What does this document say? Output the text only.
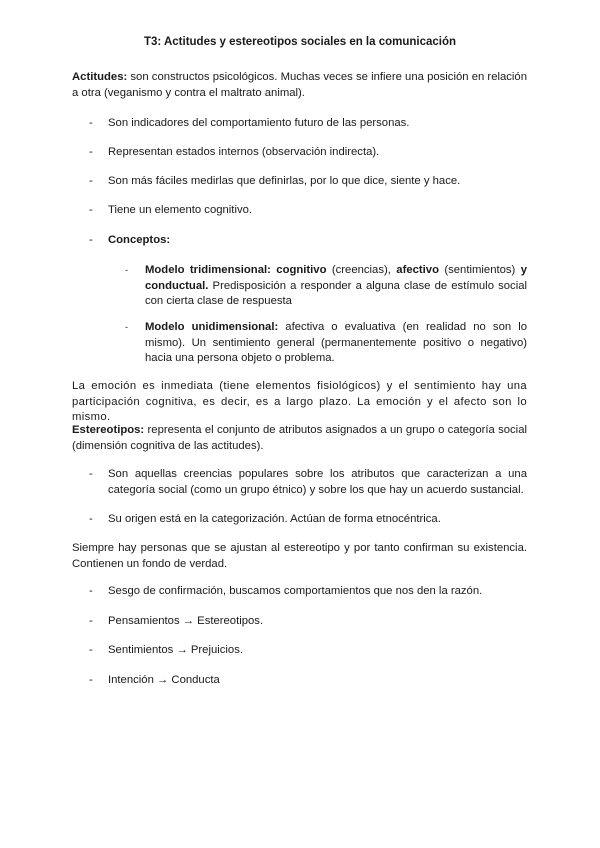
T3: Actitudes y estereotipos sociales en la comunicación

Actitudes: son constructos psicológicos. Muchas veces se infiere una posición en relación a otra (veganismo y contra el maltrato animal).

- Son indicadores del comportamiento futuro de las personas.
- Representan estados internos (observación indirecta).
- Son más fáciles medirlas que definirlas, por lo que dice, siente y hace.
- Tiene un elemento cognitivo.
- Conceptos:
- Modelo tridimensional: cognitivo (creencias), afectivo (sentimientos) y conductual. Predisposición a responder a alguna clase de estímulo social con cierta clase de respuesta
- Modelo unidimensional: afectiva o evaluativa (en realidad no son lo mismo). Un sentimiento general (permanentemente positivo o negativo) hacia una persona objeto o problema.

La emoción es inmediata (tiene elementos fisiológicos) y el sentimiento hay una participación cognitiva, es decir, es a largo plazo. La emoción y el afecto son lo mismo.

Estereotipos: representa el conjunto de atributos asignados a un grupo o categoría social (dimensión cognitiva de las actitudes).

- Son aquellas creencias populares sobre los atributos que caracterizan a una categoría social (como un grupo étnico) y sobre los que hay un acuerdo sustancial.
- Su origen está en la categorización. Actúan de forma etnocéntrica.

Siempre hay personas que se ajustan al estereotipo y por tanto confirman su existencia. Contienen un fondo de verdad.

- Sesgo de confirmación, buscamos comportamientos que nos den la razón.
- Pensamientos → Estereotipos.
- Sentimientos → Prejuicios.
- Intención → Conducta
